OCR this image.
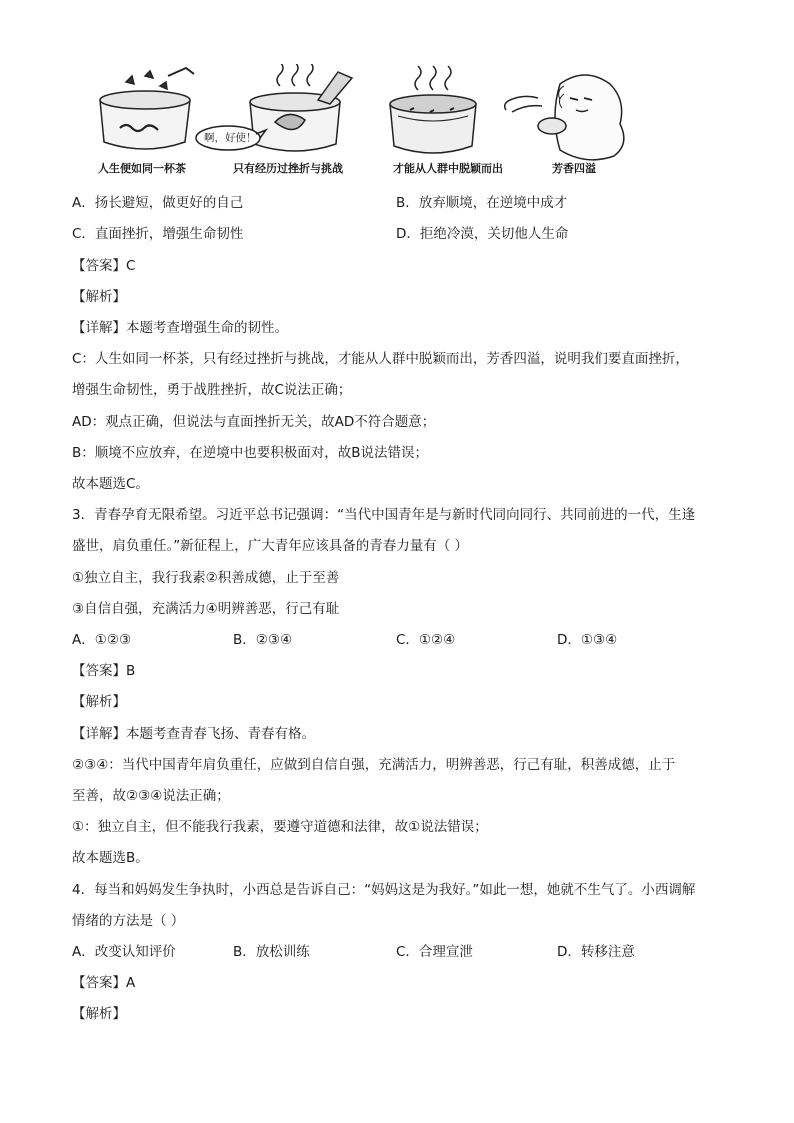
人生便如同一杯茶
啊，好使！
只有经历过挫折与挑战	才能从人群中脱颖而出	芳香四溢
A．扬长避短，做更好的自己	B．放弃顺境，在逆境中成才
C．直面挫折，增强生命韧性	D．拒绝冷漠，关切他人生命
【答案】C
【解析】
【详解】本题考查增强生命的韧性。
C：人生如同一杯茶，只有经过挫折与挑战，才能从人群中脱颖而出，芳香四溢，说明我们要直面挫折，
增强生命韧性，勇于战胜挫折，故C说法正确；
AD：观点正确，但说法与直面挫折无关，故AD不符合题意；
B：顺境不应放弃，在逆境中也要积极面对，故B说法错误；
故本题选C。
3．青春孕育无限希望。习近平总书记强调：“当代中国青年是与新时代同向同行、共同前进的一代，生逢
盛世，肩负重任。”新征程上，广大青年应该具备的青春力量有（ ）
①独立自主，我行我素②积善成德，止于至善
③自信自强，充满活力④明辨善恶，行己有耻
A．①②③	B．②③④	C．①②④	D．①③④
【答案】B
【解析】
【详解】本题考查青春飞扬、青春有格。
②③④：当代中国青年肩负重任，应做到自信自强，充满活力，明辨善恶，行己有耻，积善成德，止于
至善，故②③④说法正确；
①：独立自主，但不能我行我素，要遵守道德和法律，故①说法错误；
故本题选B。
4．每当和妈妈发生争执时，小西总是告诉自己：“妈妈这是为我好。”如此一想，她就不生气了。小西调解
情绪的方法是（ ）
A．改变认知评价	B．放松训练	C．合理宣泄	D．转移注意
【答案】A
【解析】
